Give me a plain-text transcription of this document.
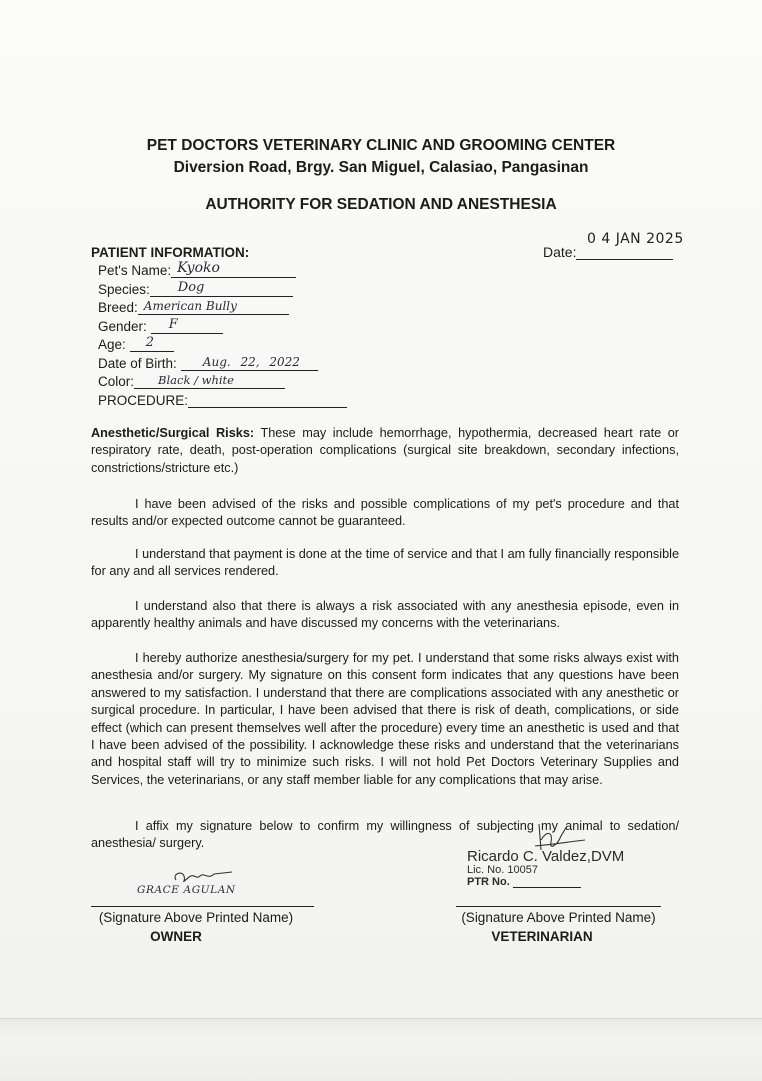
PET DOCTORS VETERINARY CLINIC AND GROOMING CENTER
Diversion Road, Brgy. San Miguel, Calasiao, Pangasinan
AUTHORITY FOR SEDATION AND ANESTHESIA
Date:
0 4 JAN 2025
PATIENT INFORMATION:
Pet's Name: Kyoko
Species: Dog
Breed: American Bully
Gender: F
Age: 2
Date of Birth: Aug. 22, 2022
Color: Black / white
PROCEDURE:
Anesthetic/Surgical Risks: These may include hemorrhage, hypothermia, decreased heart rate or respiratory rate, death, post-operation complications (surgical site breakdown, secondary infections, constrictions/stricture etc.)
I have been advised of the risks and possible complications of my pet's procedure and that results and/or expected outcome cannot be guaranteed.
I understand that payment is done at the time of service and that I am fully financially responsible for any and all services rendered.
I understand also that there is always a risk associated with any anesthesia episode, even in apparently healthy animals and have discussed my concerns with the veterinarians.
I hereby authorize anesthesia/surgery for my pet. I understand that some risks always exist with anesthesia and/or surgery. My signature on this consent form indicates that any questions have been answered to my satisfaction. I understand that there are complications associated with any anesthetic or surgical procedure. In particular, I have been advised that there is risk of death, complications, or side effect (which can present themselves well after the procedure) every time an anesthetic is used and that I have been advised of the possibility. I acknowledge these risks and understand that the veterinarians and hospital staff will try to minimize such risks. I will not hold Pet Doctors Veterinary Supplies and Services, the veterinarians, or any staff member liable for any complications that may arise.
I affix my signature below to confirm my willingness of subjecting my animal to sedation/ anesthesia/ surgery.
GRACE AGULAN
(Signature Above Printed Name)
OWNER
Ricardo C. Valdez,DVM
Lic. No. 10057
PTR No.
(Signature Above Printed Name)
VETERINARIAN
